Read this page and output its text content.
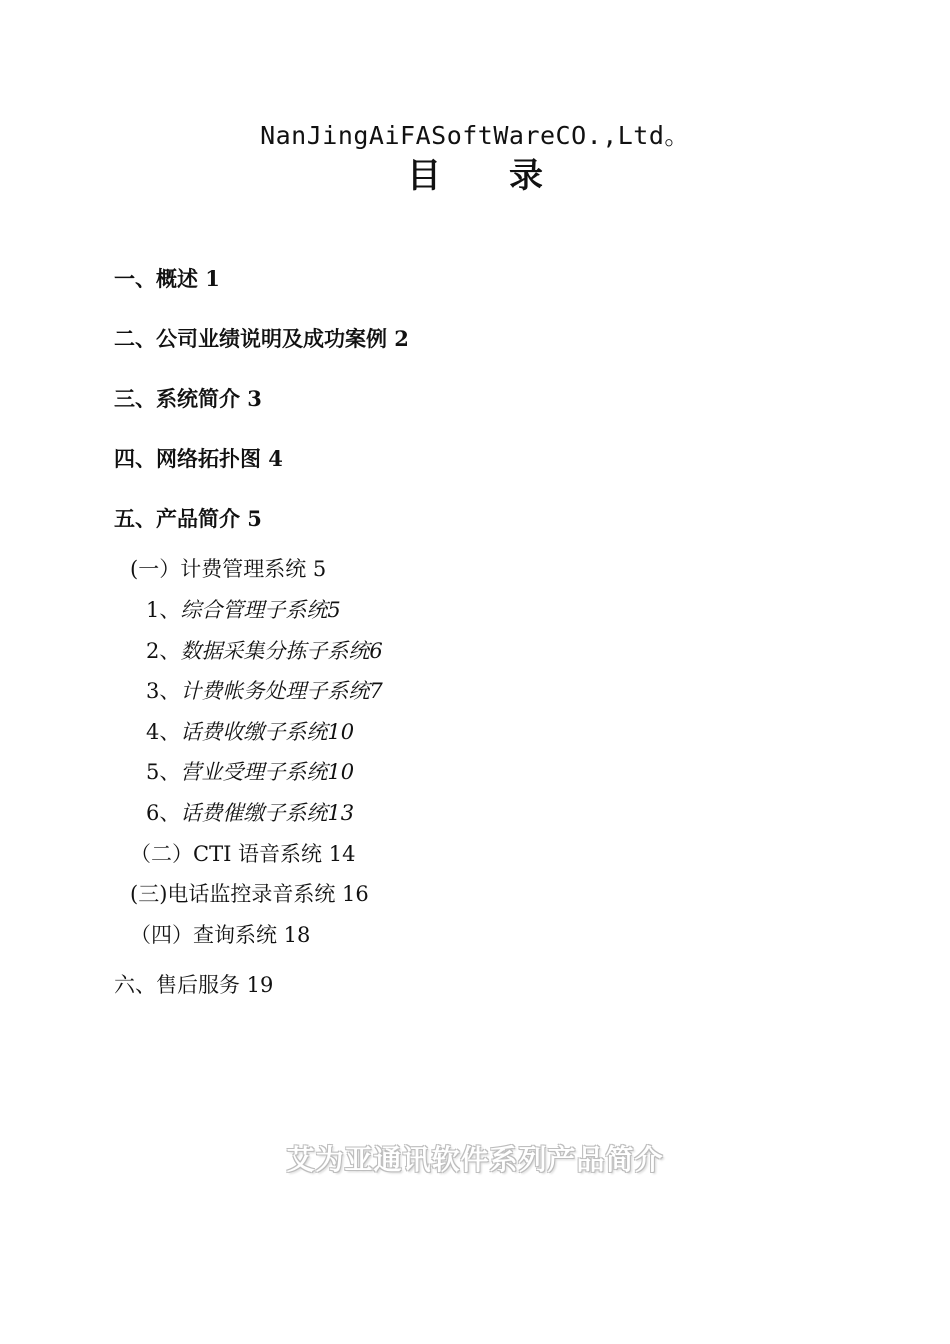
NanJingAiFASoftWareCO.,Ltd。
目 录
一、概述 1
二、公司业绩说明及成功案例 2
三、系统简介 3
四、网络拓扑图 4
五、产品简介 5
(一）计费管理系统 5
1、综合管理子系统5
2、数据采集分拣子系统6
3、计费帐务处理子系统7
4、话费收缴子系统10
5、营业受理子系统10
6、话费催缴子系统13
（二）CTI 语音系统 14
(三)电话监控录音系统 16
（四）查询系统 18
六、售后服务 19
艾为亚通讯软件系列产品简介
